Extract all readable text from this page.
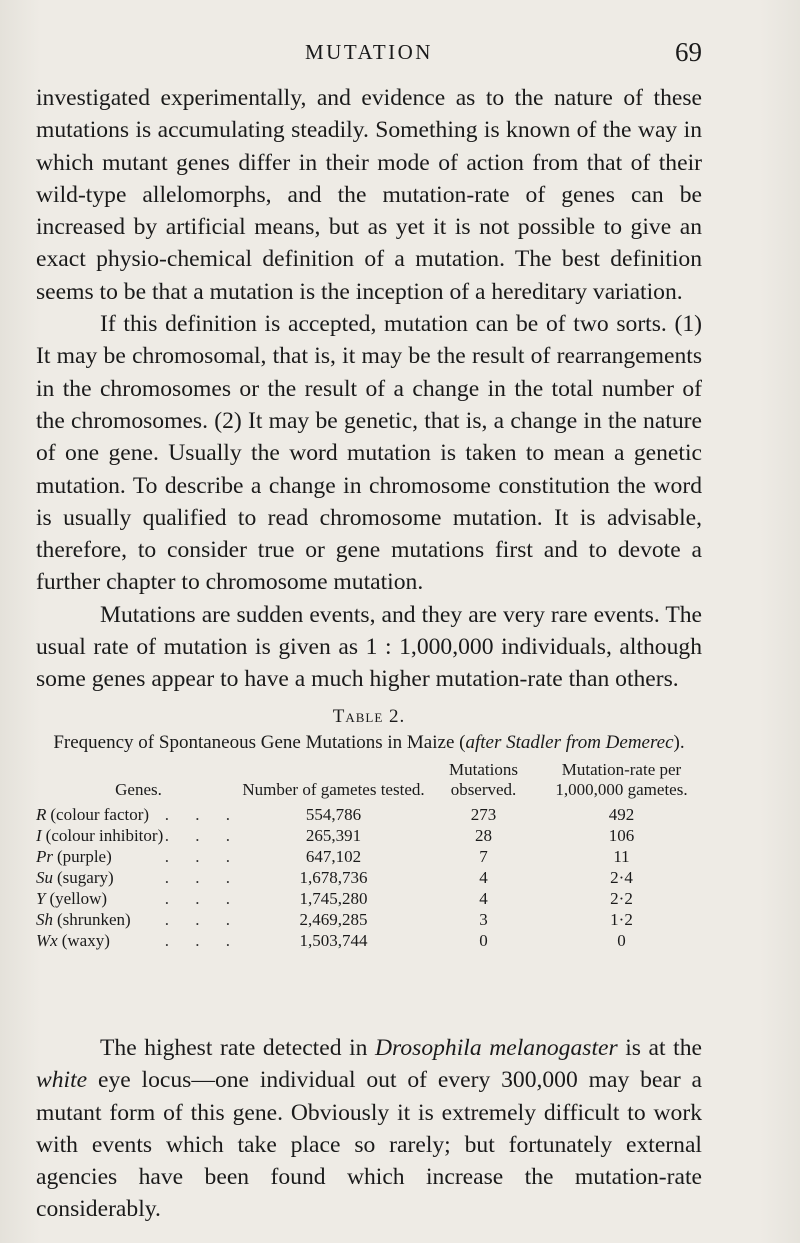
MUTATION	69

investigated experimentally, and evidence as to the nature of these mutations is accumulating steadily. Something is known of the way in which mutant genes differ in their mode of action from that of their wild-type allelomorphs, and the mutation-rate of genes can be increased by artificial means, but as yet it is not possible to give an exact physio-chemical definition of a mutation. The best definition seems to be that a mutation is the inception of a hereditary variation.

If this definition is accepted, mutation can be of two sorts. (1) It may be chromosomal, that is, it may be the result of rearrangements in the chromosomes or the result of a change in the total number of the chromosomes. (2) It may be genetic, that is, a change in the nature of one gene. Usually the word mutation is taken to mean a genetic mutation. To describe a change in chromosome constitution the word is usually qualified to read chromosome mutation. It is advisable, therefore, to consider true or gene mutations first and to devote a further chapter to chromosome mutation.

Mutations are sudden events, and they are very rare events. The usual rate of mutation is given as 1 : 1,000,000 individuals, although some genes appear to have a much higher mutation-rate than others.

Table 2.
Frequency of Spontaneous Gene Mutations in Maize (after Stadler from Demerec).
Genes.	Number of gametes tested.	Mutations observed.	Mutation-rate per 1,000,000 gametes.

R (colour factor) . . .	554,786	273	492

I (colour inhibitor) . . .	265,391	28	106

Pr (purple) . . .	647,102	7	11

Su (sugary) . . .	1,678,736	4	2·4

Y (yellow) . . .	1,745,280	4	2·2

Sh (shrunken) . . .	2,469,285	3	1·2

Wx (waxy) . . .	1,503,744	0	0

The highest rate detected in Drosophila melanogaster is at the white eye locus—one individual out of every 300,000 may bear a mutant form of this gene. Obviously it is extremely difficult to work with events which take place so rarely; but fortunately external agencies have been found which increase the mutation-rate considerably.
